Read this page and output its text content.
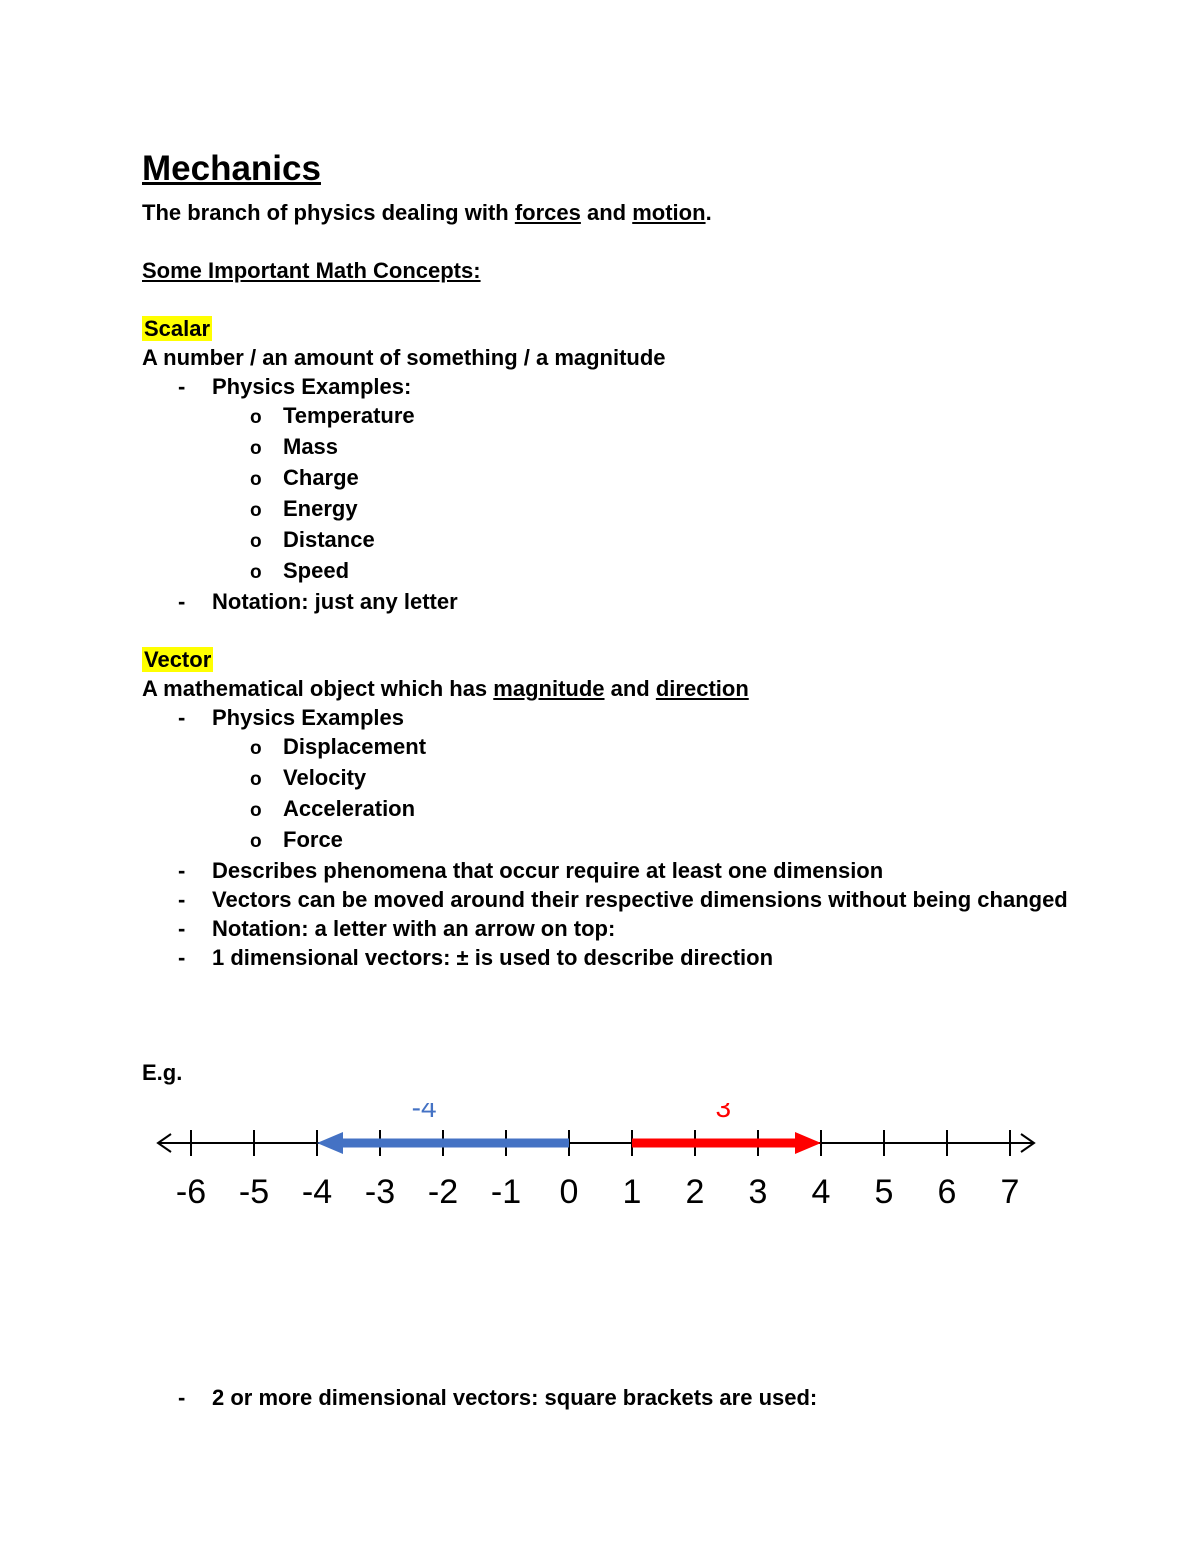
Mechanics

The branch of physics dealing with forces and motion.

Some Important Math Concepts:

Scalar

A number / an amount of something / a magnitude

-	Physics Examples:
o Temperature
o Mass
o Charge
o Energy
o Distance
o Speed
-	Notation: just any letter

Vector

A mathematical object which has magnitude and direction

-	Physics Examples
o Displacement
o Velocity
o Acceleration
o Force
-	Describes phenomena that occur require at least one dimension
-	Vectors can be moved around their respective dimensions without being changed
-	Notation: a letter with an arrow on top:
-	1 dimensional vectors: ± is used to describe direction

E.g.

-6 -5 -4 -3 -2 -1 0 1 2 3 4 5 6 7
-4	3
-	2 or more dimensional vectors: square brackets are used:
